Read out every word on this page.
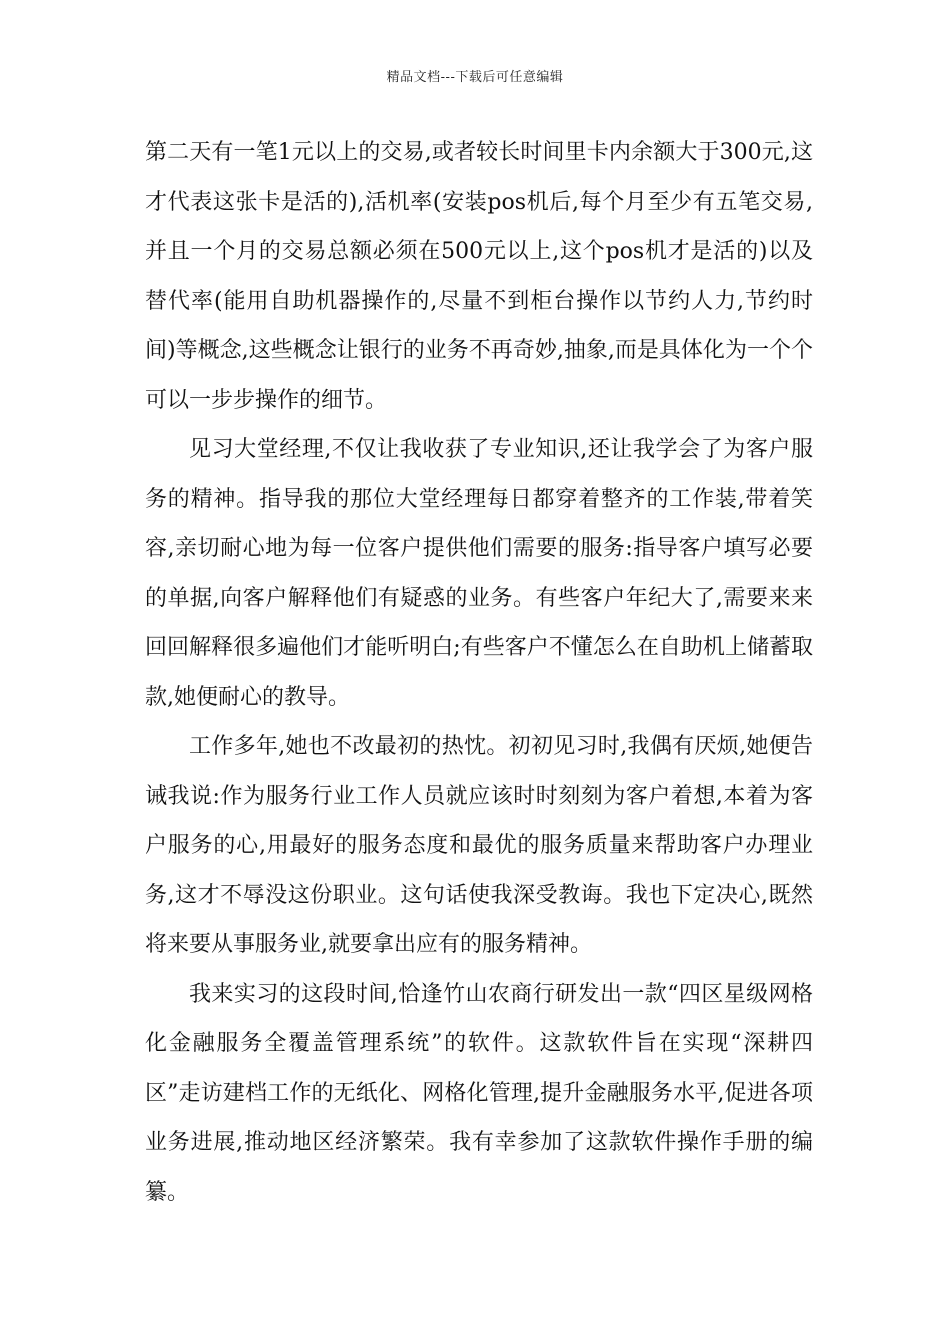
精品文档---下载后可任意编辑

第二天有一笔1元以上的交易,或者较长时间里卡内余额大于300元,这才代表这张卡是活的),活机率(安装pos机后,每个月至少有五笔交易,并且一个月的交易总额必须在500元以上,这个pos机才是活的)以及替代率(能用自助机器操作的,尽量不到柜台操作以节约人力,节约时间)等概念,这些概念让银行的业务不再奇妙,抽象,而是具体化为一个个可以一步步操作的细节。

见习大堂经理,不仅让我收获了专业知识,还让我学会了为客户服务的精神。指导我的那位大堂经理每日都穿着整齐的工作装,带着笑容,亲切耐心地为每一位客户提供他们需要的服务:指导客户填写必要的单据,向客户解释他们有疑惑的业务。有些客户年纪大了,需要来来回回解释很多遍他们才能听明白;有些客户不懂怎么在自助机上储蓄取款,她便耐心的教导。

工作多年,她也不改最初的热忱。初初见习时,我偶有厌烦,她便告诫我说:作为服务行业工作人员就应该时时刻刻为客户着想,本着为客户服务的心,用最好的服务态度和最优的服务质量来帮助客户办理业务,这才不辱没这份职业。这句话使我深受教诲。我也下定决心,既然将来要从事服务业,就要拿出应有的服务精神。

我来实习的这段时间,恰逢竹山农商行研发出一款“四区星级网格化金融服务全覆盖管理系统”的软件。这款软件旨在实现“深耕四区”走访建档工作的无纸化、网格化管理,提升金融服务水平,促进各项业务进展,推动地区经济繁荣。我有幸参加了这款软件操作手册的编纂。
